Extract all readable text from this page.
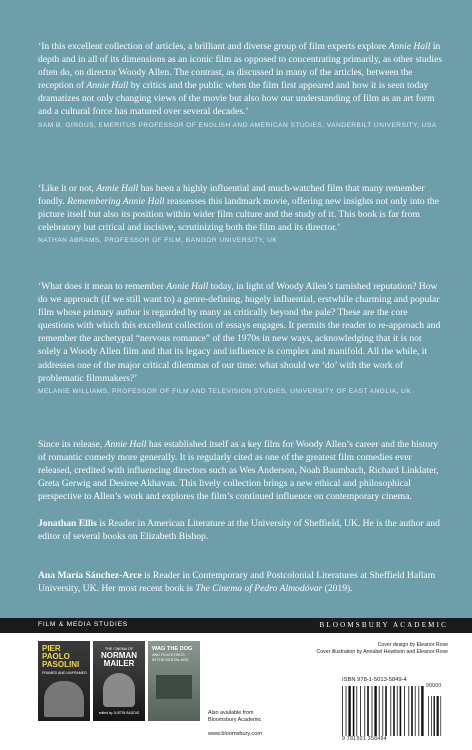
‘In this excellent collection of articles, a brilliant and diverse group of film experts explore Annie Hall in depth and in all of its dimensions as an iconic film as opposed to concentrating primarily, as other studies often do, on director Woody Allen. The contrast, as discussed in many of the articles, between the reception of Annie Hall by critics and the public when the film first appeared and how it is seen today dramatizes not only changing views of the movie but also how our understanding of film as an art form and a cultural force has matured over several decades.’

SAM B. GIRGUS, EMERITUS PROFESSOR OF ENGLISH AND AMERICAN STUDIES, VANDERBILT UNIVERSITY, USA

‘Like it or not, Annie Hall has been a highly influential and much-watched film that many remember fondly. Remembering Annie Hall reassesses this landmark movie, offering new insights not only into the picture itself but also its position within wider film culture and the study of it. This book is far from celebratory but critical and incisive, scrutinizing both the film and its director.’

NATHAN ABRAMS, PROFESSOR OF FILM, BANGOR UNIVERSITY, UK

‘What does it mean to remember Annie Hall today, in light of Woody Allen’s tarnished reputation? How do we approach (if we still want to) a genre-defining, hugely influential, erstwhile charming and popular film whose primary author is regarded by many as critically beyond the pale? These are the core questions with which this excellent collection of essays engages. It permits the reader to re-approach and remember the archetypal “nervous romance” of the 1970s in new ways, acknowledging that it is not solely a Woody Allen film and that its legacy and influence is complex and manifold. All the while, it addresses one of the major critical dilemmas of our time: what should we ‘do’ with the work of problematic filmmakers?’

MELANIE WILLIAMS, PROFESSOR OF FILM AND TELEVISION STUDIES, UNIVERSITY OF EAST ANGLIA, UK

Since its release, Annie Hall has established itself as a key film for Woody Allen’s career and the history of romantic comedy more generally. It is regularly cited as one of the greatest film comedies ever released, credited with influencing directors such as Wes Anderson, Noah Baumbach, Richard Linklater, Greta Gerwig and Desiree Akhavan. This lively collection brings a new ethical and philosophical perspective to Allen’s work and explores the film’s continued influence on contemporary cinema.

Jonathan Ellis is Reader in American Literature at the University of Sheffield, UK. He is the author and editor of several books on Elizabeth Bishop.

Ana María Sánchez-Arce is Reader in Contemporary and Postcolonial Literatures at Sheffield Hallam University, UK. Her most recent book is The Cinema of Pedro Almodóvar (2019).

FILM & MEDIA STUDIES	BLOOMSBURY ACADEMIC
PIER
PAOLO
PASOLINI
FRAMED AND UNFRAMED
THE CINEMA OF
NORMAN
MAILER
edited by JUSTIN BADDIG
WAG THE DOG
AND FILM ETHICS
IN THE DIGITAL AGE
Also available from
Bloomsbury Academic
www.bloomsbury.com
Cover design by Eleanor Rose
Cover illustration by Annabel Hewitson and Eleanor Rose
ISBN 978-1-5013-5849-4
9 781501 358494
90000
